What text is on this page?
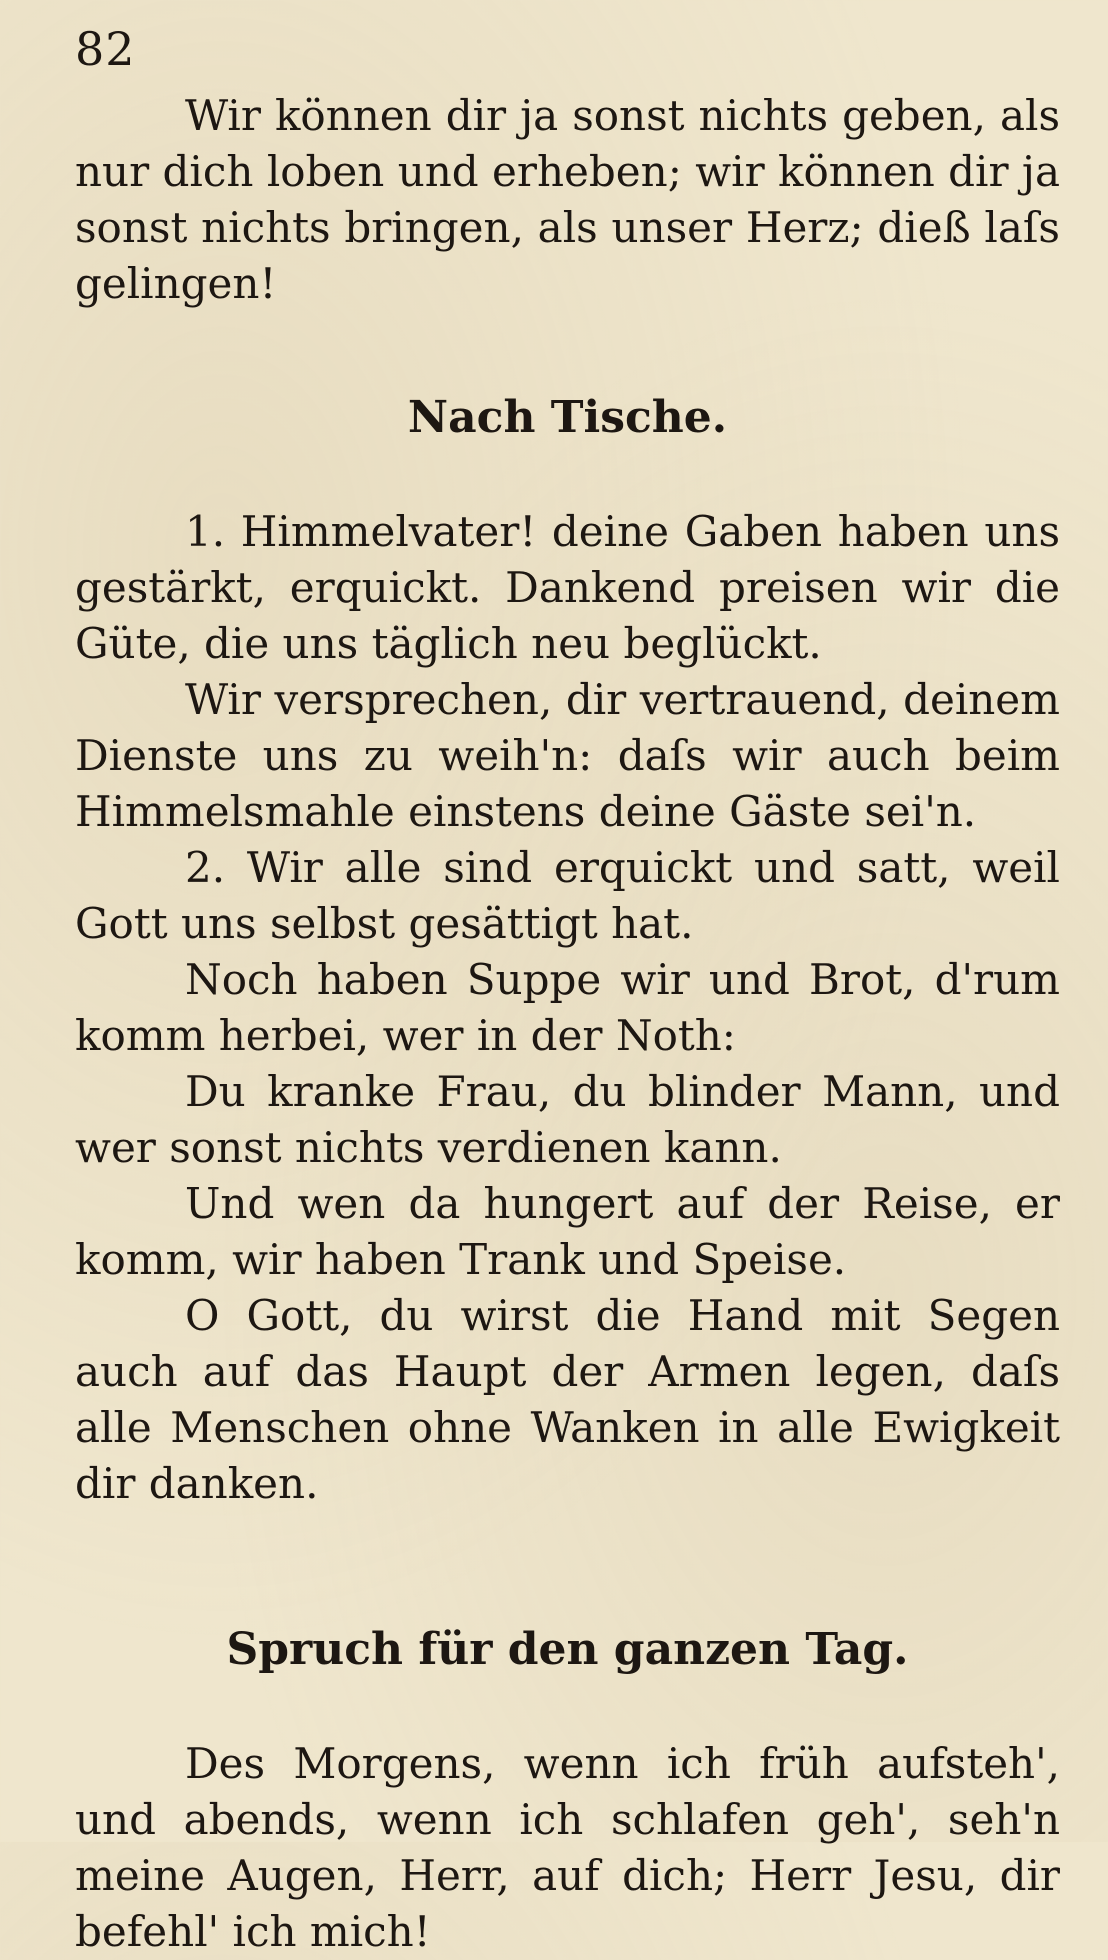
82

Wir können dir ja sonst nichts geben, als nur dich loben und erheben; wir können dir ja sonst nichts bringen, als unser Herz; dieß laſs gelingen!

Nach Tische.

1. Himmelvater! deine Gaben haben uns gestärkt, erquickt. Dankend preisen wir die Güte, die uns täglich neu beglückt.

Wir versprechen, dir vertrauend, deinem Dienste uns zu weih'n: daſs wir auch beim Himmelsmahle einstens deine Gäste sei'n.

2. Wir alle sind erquickt und satt, weil Gott uns selbst gesättigt hat.

Noch haben Suppe wir und Brot, d'rum komm herbei, wer in der Noth:

Du kranke Frau, du blinder Mann, und wer sonst nichts verdienen kann.

Und wen da hungert auf der Reise, er komm, wir haben Trank und Speise.

O Gott, du wirst die Hand mit Segen auch auf das Haupt der Armen legen, daſs alle Menschen ohne Wanken in alle Ewigkeit dir danken.

Spruch für den ganzen Tag.

Des Morgens, wenn ich früh aufsteh', und abends, wenn ich schlafen geh', seh'n meine Augen, Herr, auf dich; Herr Jesu, dir befehl' ich mich!
